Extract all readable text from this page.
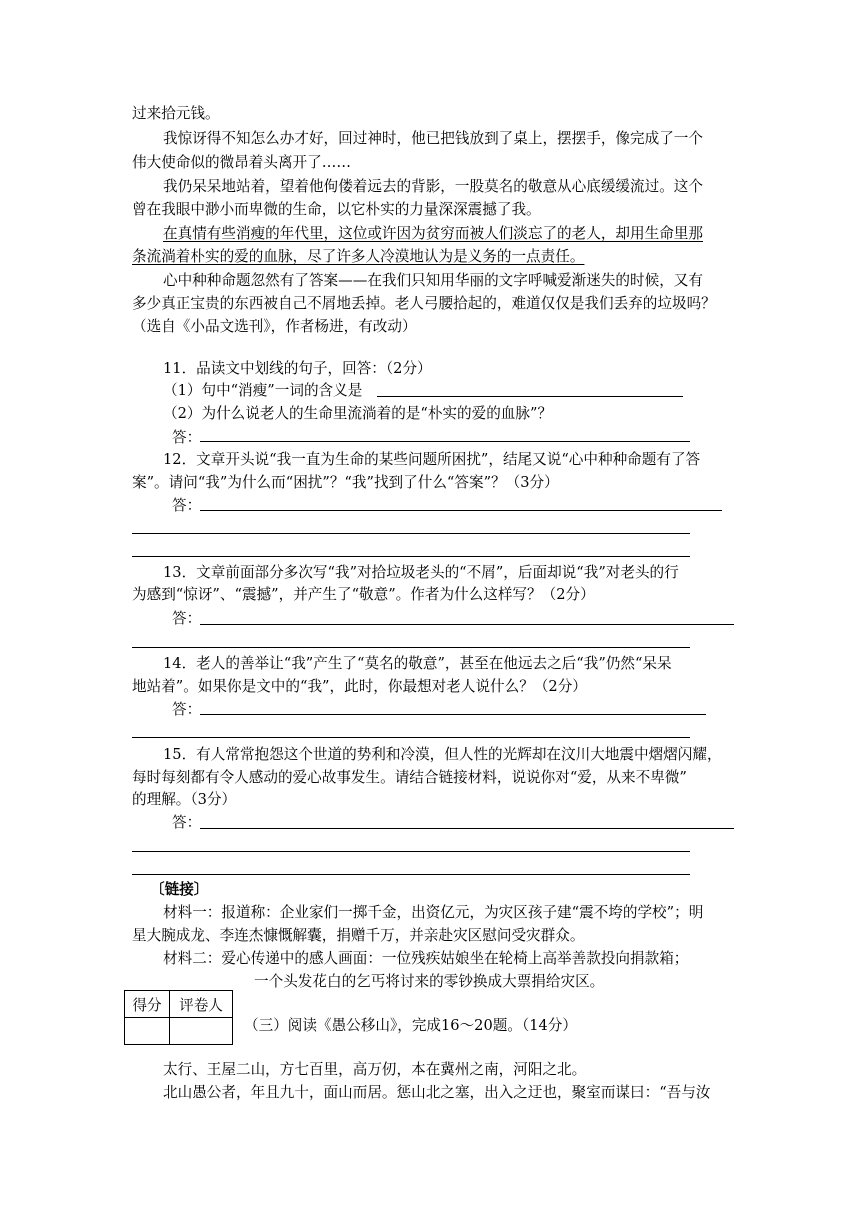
过来拾元钱。
我惊讶得不知怎么办才好，回过神时，他已把钱放到了桌上，摆摆手，像完成了一个
伟大使命似的微昂着头离开了……
我仍呆呆地站着，望着他佝偻着远去的背影，一股莫名的敬意从心底缓缓流过。这个
曾在我眼中渺小而卑微的生命，以它朴实的力量深深震撼了我。
在真情有些消瘦的年代里，这位或许因为贫穷而被人们淡忘了的老人，却用生命里那
条流淌着朴实的爱的血脉，尽了许多人冷漠地认为是义务的一点责任。
心中种种命题忽然有了答案——在我们只知用华丽的文字呼喊爱渐迷失的时候，又有
多少真正宝贵的东西被自己不屑地丢掉。老人弓腰拾起的，难道仅仅是我们丢弃的垃圾吗？
（选自《小品文选刊》，作者杨进，有改动）
11．品读文中划线的句子，回答：（2分）
（1）句中“消瘦”一词的含义是
（2）为什么说老人的生命里流淌着的是“朴实的爱的血脉”？
答：
12．文章开头说“我一直为生命的某些问题所困扰”，结尾又说“心中种种命题有了答
案”。请问“我”为什么而“困扰”？“我”找到了什么“答案”？（3分）
答：
13．文章前面部分多次写“我”对拾垃圾老头的“不屑”，后面却说“我”对老头的行
为感到“惊讶”、“震撼”，并产生了“敬意”。作者为什么这样写？（2分）
答：
14．老人的善举让“我”产生了“莫名的敬意”，甚至在他远去之后“我”仍然“呆呆
地站着”。如果你是文中的“我”，此时，你最想对老人说什么？（2分）
答：
15．有人常常抱怨这个世道的势利和冷漠，但人性的光辉却在汶川大地震中熠熠闪耀，
每时每刻都有令人感动的爱心故事发生。请结合链接材料，说说你对“爱，从来不卑微”
的理解。（3分）
答：
〔链接〕
材料一：报道称：企业家们一掷千金，出资亿元，为灾区孩子建“震不垮的学校”；明
星大腕成龙、李连杰慷慨解囊，捐赠千万，并亲赴灾区慰问受灾群众。
材料二：爱心传递中的感人画面：一位残疾姑娘坐在轮椅上高举善款投向捐款箱；
一个头发花白的乞丐将讨来的零钞换成大票捐给灾区。
得分	评卷人

（三）阅读《愚公移山》，完成16～20题。（14分）
太行、王屋二山，方七百里，高万仞，本在冀州之南，河阳之北。
北山愚公者，年且九十，面山而居。惩山北之塞，出入之迂也，聚室而谋曰：“吾与汝
